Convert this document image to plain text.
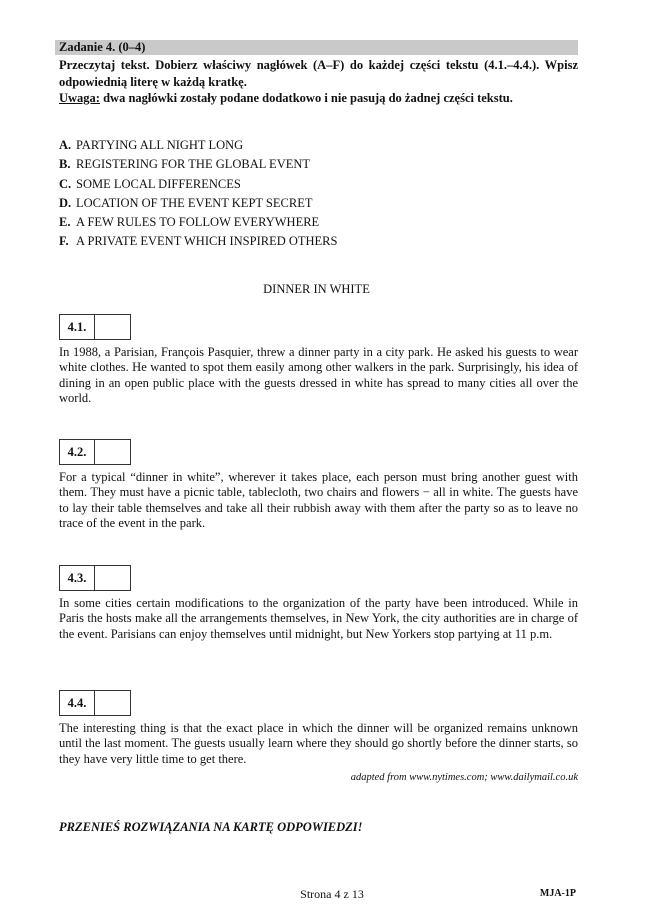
Zadanie 4. (0–4)
Przeczytaj tekst. Dobierz właściwy nagłówek (A–F) do każdej części tekstu (4.1.–4.4.). Wpisz odpowiednią literę w każdą kratkę.
Uwaga: dwa nagłówki zostały podane dodatkowo i nie pasują do żadnej części tekstu.
A. PARTYING ALL NIGHT LONG
B. REGISTERING FOR THE GLOBAL EVENT
C. SOME LOCAL DIFFERENCES
D. LOCATION OF THE EVENT KEPT SECRET
E. A FEW RULES TO FOLLOW EVERYWHERE
F. A PRIVATE EVENT WHICH INSPIRED OTHERS
DINNER IN WHITE
4.1.
In 1988, a Parisian, François Pasquier, threw a dinner party in a city park. He asked his guests to wear white clothes. He wanted to spot them easily among other walkers in the park. Surprisingly, his idea of dining in an open public place with the guests dressed in white has spread to many cities all over the world.
4.2.
For a typical “dinner in white”, wherever it takes place, each person must bring another guest with them. They must have a picnic table, tablecloth, two chairs and flowers − all in white. The guests have to lay their table themselves and take all their rubbish away with them after the party so as to leave no trace of the event in the park.
4.3.
In some cities certain modifications to the organization of the party have been introduced. While in Paris the hosts make all the arrangements themselves, in New York, the city authorities are in charge of the event. Parisians can enjoy themselves until midnight, but New Yorkers stop partying at 11 p.m.
4.4.
The interesting thing is that the exact place in which the dinner will be organized remains unknown until the last moment. The guests usually learn where they should go shortly before the dinner starts, so they have very little time to get there.
adapted from www.nytimes.com; www.dailymail.co.uk
PRZENIEŚ ROZWIĄZANIA NA KARTĘ ODPOWIEDZI!
Strona 4 z 13	MJA-1P
